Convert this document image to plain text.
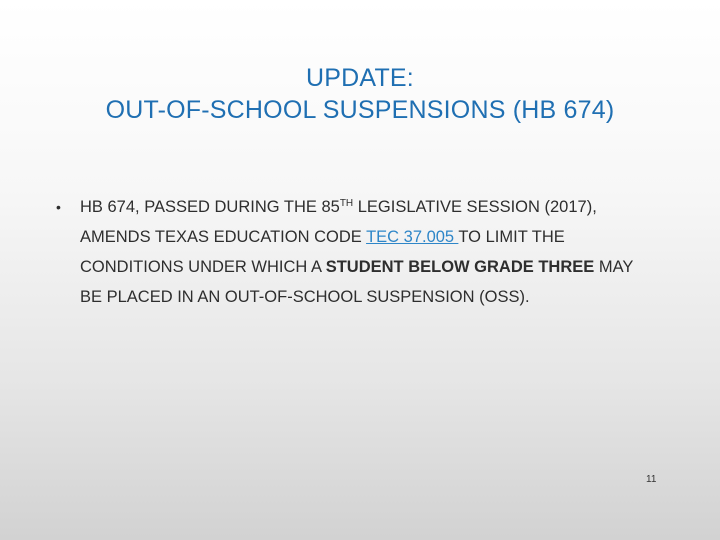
UPDATE:
OUT-OF-SCHOOL SUSPENSIONS (HB 674)
•	HB 674, PASSED DURING THE 85TH LEGISLATIVE SESSION (2017),
AMENDS TEXAS EDUCATION CODE TEC 37.005 TO LIMIT THE
CONDITIONS UNDER WHICH A STUDENT BELOW GRADE THREE MAY
BE PLACED IN AN OUT-OF-SCHOOL SUSPENSION (OSS).
11
